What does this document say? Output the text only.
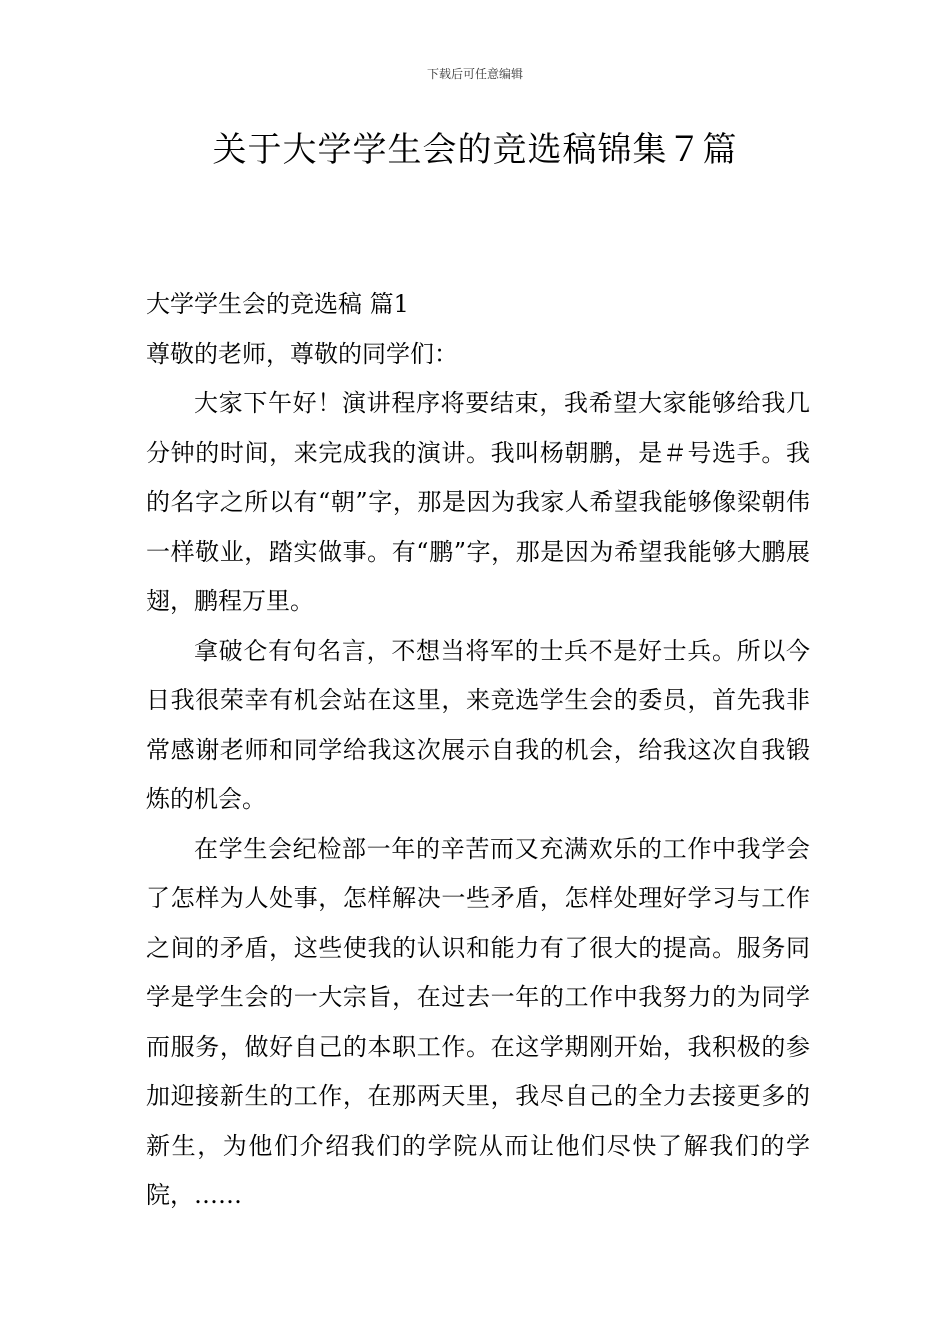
下载后可任意编辑
关于大学学生会的竞选稿锦集７篇

大学学生会的竞选稿 篇1

尊敬的老师，尊敬的同学们：

大家下午好！演讲程序将要结束，我希望大家能够给我几分钟的时间，来完成我的演讲。我叫杨朝鹏，是＃号选手。我的名字之所以有“朝”字，那是因为我家人希望我能够像梁朝伟一样敬业，踏实做事。有“鹏”字，那是因为希望我能够大鹏展翅，鹏程万里。

拿破仑有句名言，不想当将军的士兵不是好士兵。所以今日我很荣幸有机会站在这里，来竞选学生会的委员，首先我非常感谢老师和同学给我这次展示自我的机会，给我这次自我锻炼的机会。

在学生会纪检部一年的辛苦而又充满欢乐的工作中我学会了怎样为人处事，怎样解决一些矛盾，怎样处理好学习与工作之间的矛盾，这些使我的认识和能力有了很大的提高。服务同学是学生会的一大宗旨，在过去一年的工作中我努力的为同学而服务，做好自己的本职工作。在这学期刚开始，我积极的参加迎接新生的工作，在那两天里，我尽自己的全力去接更多的新生，为他们介绍我们的学院从而让他们尽快了解我们的学院，……
